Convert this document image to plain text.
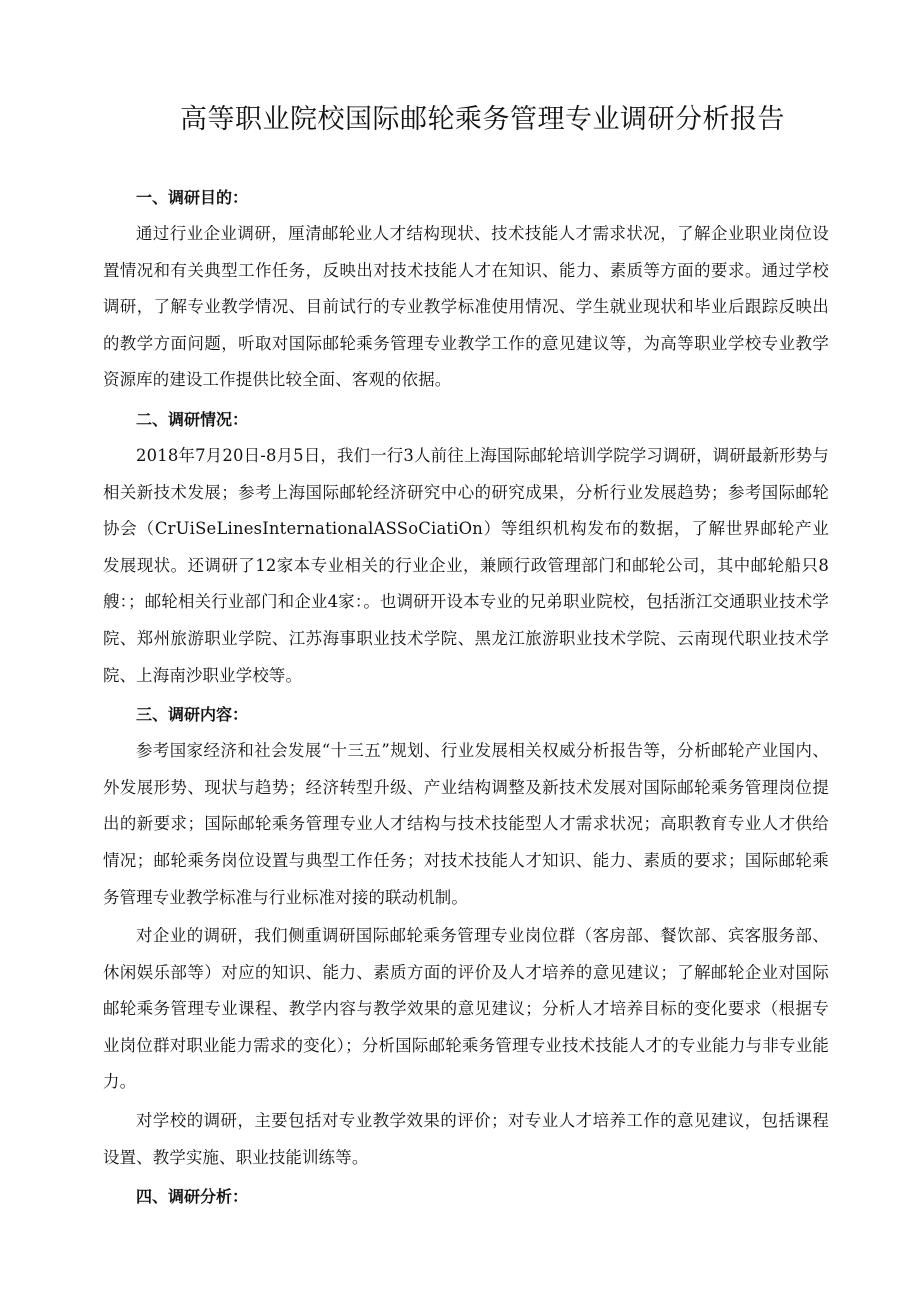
高等职业院校国际邮轮乘务管理专业调研分析报告

一、调研目的：

通过行业企业调研，厘清邮轮业人才结构现状、技术技能人才需求状况，了解企业职业岗位设置情况和有关典型工作任务，反映出对技术技能人才在知识、能力、素质等方面的要求。通过学校调研，了解专业教学情况、目前试行的专业教学标准使用情况、学生就业现状和毕业后跟踪反映出的教学方面问题，听取对国际邮轮乘务管理专业教学工作的意见建议等，为高等职业学校专业教学资源库的建设工作提供比较全面、客观的依据。

二、调研情况：

2018年7月20日-8月5日，我们一行3人前往上海国际邮轮培训学院学习调研，调研最新形势与相关新技术发展；参考上海国际邮轮经济研究中心的研究成果，分析行业发展趋势；参考国际邮轮协会（CrUiSeLinesInternationalASSoCiatiOn）等组织机构发布的数据，了解世界邮轮产业发展现状。还调研了12家本专业相关的行业企业，兼顾行政管理部门和邮轮公司，其中邮轮船只8艘：；邮轮相关行业部门和企业4家：。也调研开设本专业的兄弟职业院校，包括浙江交通职业技术学院、郑州旅游职业学院、江苏海事职业技术学院、黑龙江旅游职业技术学院、云南现代职业技术学院、上海南沙职业学校等。

三、调研内容：

参考国家经济和社会发展“十三五”规划、行业发展相关权威分析报告等，分析邮轮产业国内、外发展形势、现状与趋势；经济转型升级、产业结构调整及新技术发展对国际邮轮乘务管理岗位提出的新要求；国际邮轮乘务管理专业人才结构与技术技能型人才需求状况；高职教育专业人才供给情况；邮轮乘务岗位设置与典型工作任务；对技术技能人才知识、能力、素质的要求；国际邮轮乘务管理专业教学标准与行业标准对接的联动机制。

对企业的调研，我们侧重调研国际邮轮乘务管理专业岗位群（客房部、餐饮部、宾客服务部、休闲娱乐部等）对应的知识、能力、素质方面的评价及人才培养的意见建议；了解邮轮企业对国际邮轮乘务管理专业课程、教学内容与教学效果的意见建议；分析人才培养目标的变化要求（根据专业岗位群对职业能力需求的变化）；分析国际邮轮乘务管理专业技术技能人才的专业能力与非专业能力。

对学校的调研，主要包括对专业教学效果的评价；对专业人才培养工作的意见建议，包括课程设置、教学实施、职业技能训练等。

四、调研分析：
